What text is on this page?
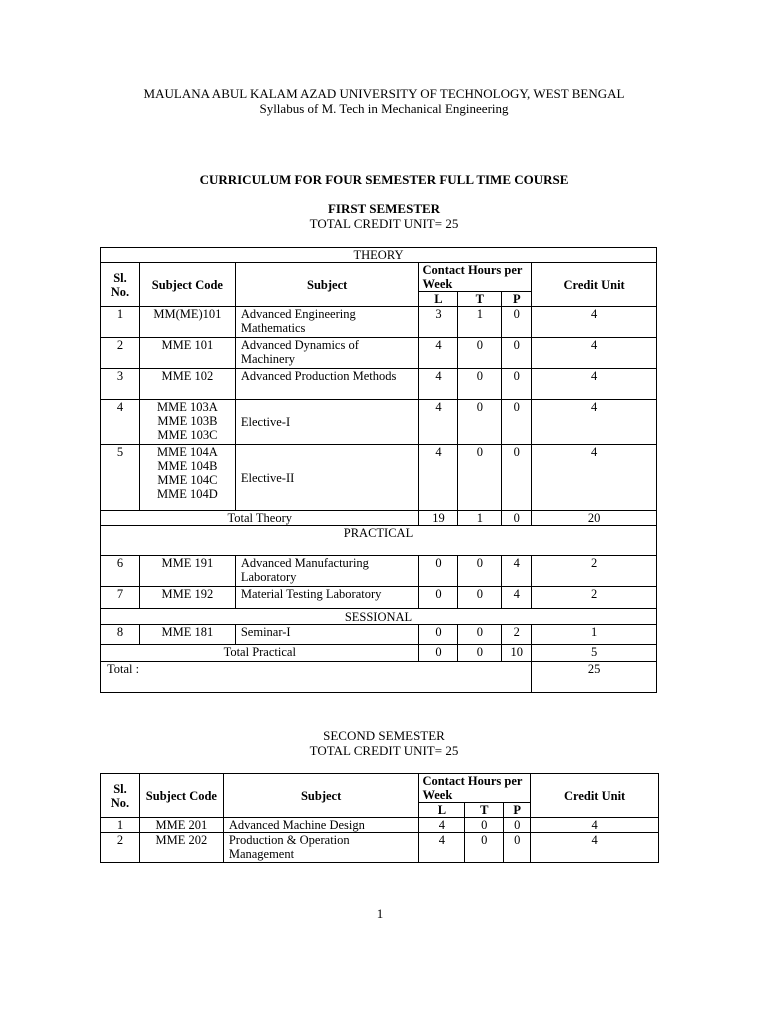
MAULANA ABUL KALAM AZAD UNIVERSITY OF TECHNOLOGY, WEST BENGAL
Syllabus of M. Tech in Mechanical Engineering
CURRICULUM FOR FOUR SEMESTER FULL TIME COURSE
FIRST SEMESTER
TOTAL CREDIT UNIT= 25
THEORY						
Sl. No.	Subject Code	Subject	Contact Hours per Week			Credit Unit
			L	T	P	
1	MM(ME)101	Advanced Engineering Mathematics	3	1	0	4
2	MME 101	Advanced Dynamics of Machinery	4	0	0	4
3	MME 102	Advanced Production Methods	4	0	0	4
4	MME 103A
MME 103B
MME 103C	Elective-I	4	0	0	4
5	MME 104A
MME 104B
MME 104C
MME 104D	Elective-II	4	0	0	4
Total Theory			19	1	0	20
PRACTICAL						
6	MME 191	Advanced Manufacturing Laboratory	0	0	4	2
7	MME 192	Material Testing Laboratory	0	0	4	2
SESSIONAL						
8	MME 181	Seminar-I	0	0	2	1
Total Practical			0	0	10	5
Total :						25
SECOND SEMESTER
TOTAL CREDIT UNIT= 25
Sl. No.	Subject Code	Subject	Contact Hours per Week			Credit Unit
			L	T	P	
1	MME 201	Advanced Machine Design	4	0	0	4
2	MME 202	Production & Operation Management	4	0	0	4
1
